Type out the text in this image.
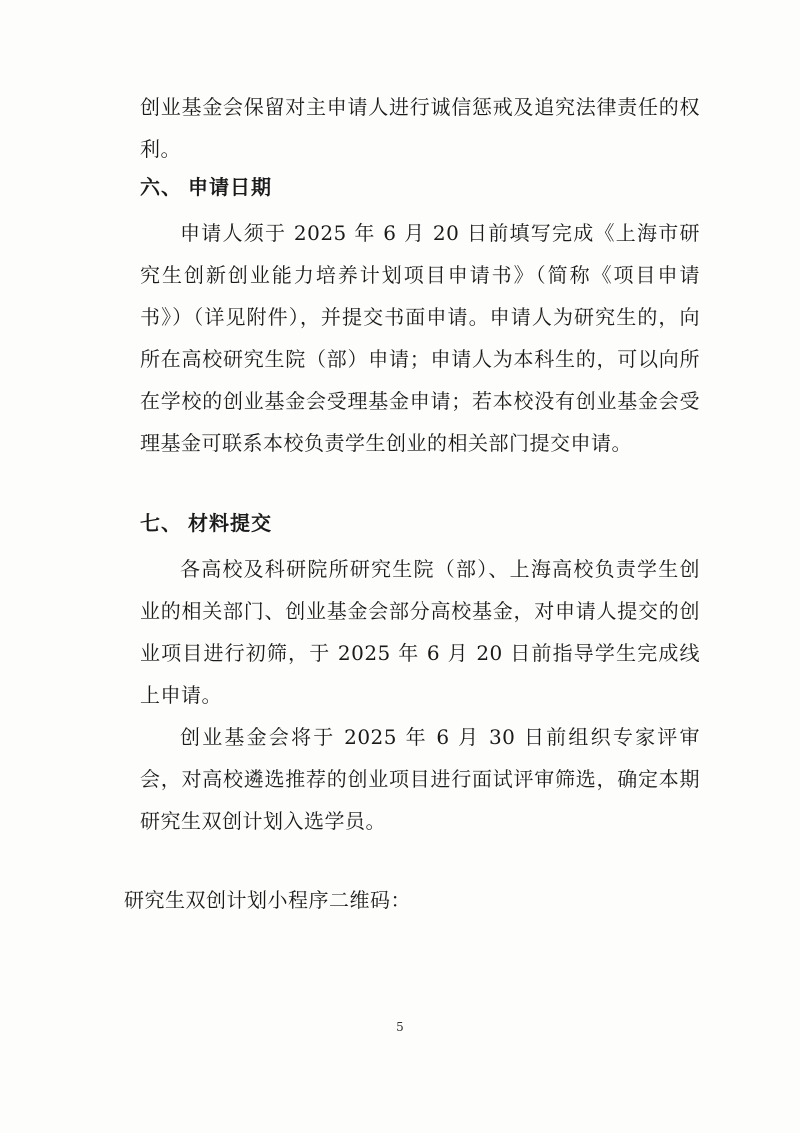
创业基金会保留对主申请人进行诚信惩戒及追究法律责任的权利。

六、 申请日期

申请人须于 2025 年 6 月 20 日前填写完成《上海市研究生创新创业能力培养计划项目申请书》（简称《项目申请书》）（详见附件），并提交书面申请。申请人为研究生的，向所在高校研究生院（部）申请；申请人为本科生的，可以向所在学校的创业基金会受理基金申请；若本校没有创业基金会受理基金可联系本校负责学生创业的相关部门提交申请。

七、 材料提交

各高校及科研院所研究生院（部）、上海高校负责学生创业的相关部门、创业基金会部分高校基金，对申请人提交的创业项目进行初筛，于 2025 年 6 月 20 日前指导学生完成线上申请。

创业基金会将于 2025 年 6 月 30 日前组织专家评审会，对高校遴选推荐的创业项目进行面试评审筛选，确定本期研究生双创计划入选学员。

研究生双创计划小程序二维码：
5
